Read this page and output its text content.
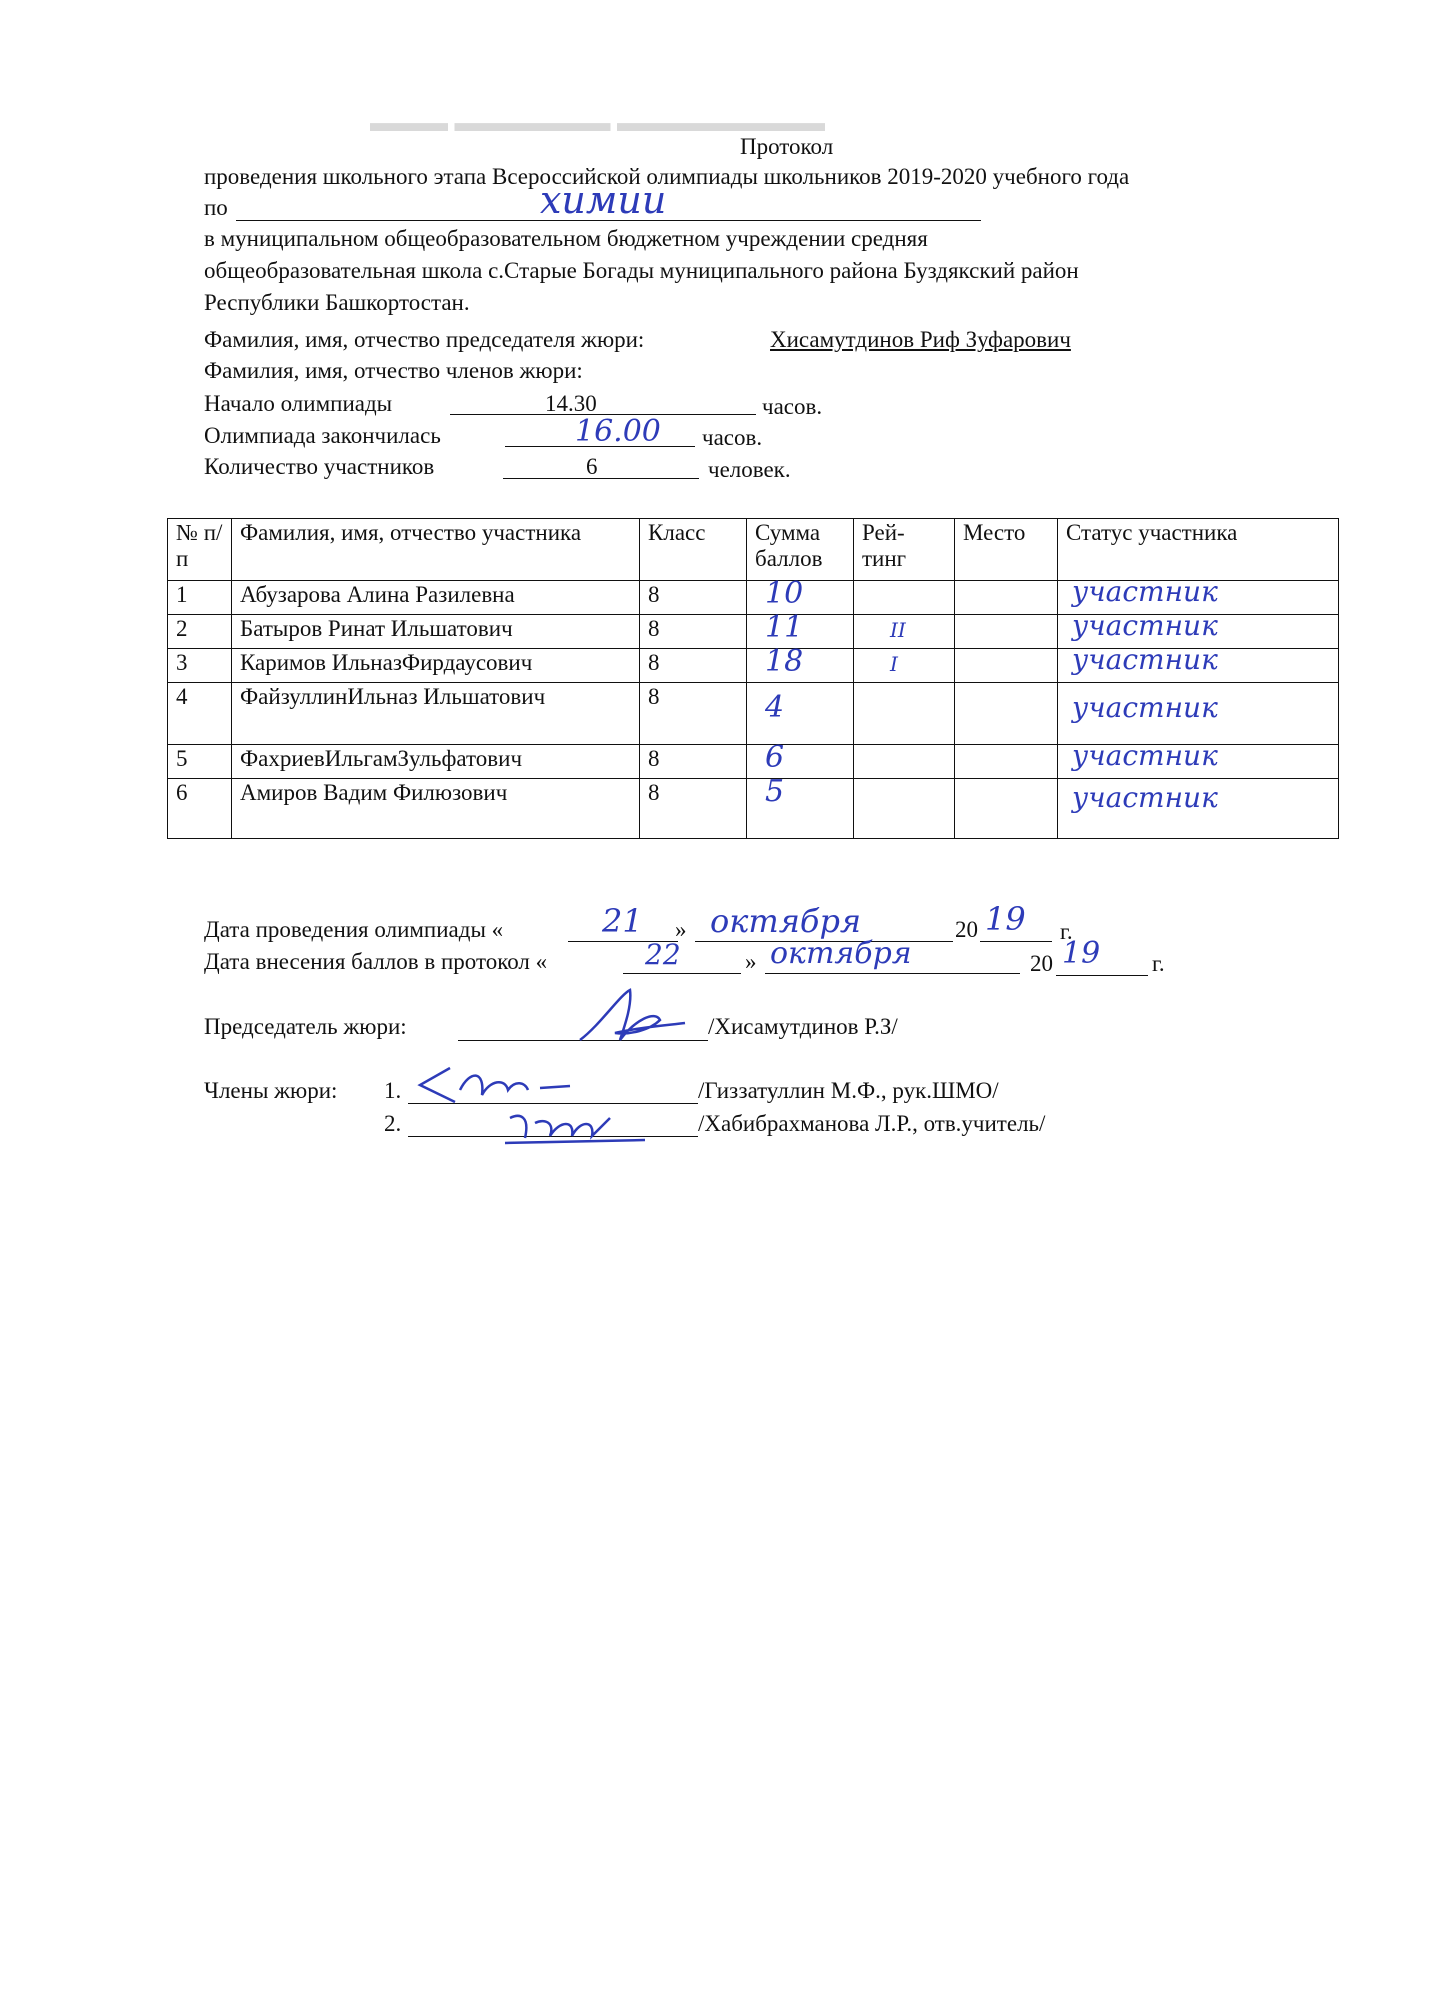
▬▬▬ ▬▬▬▬▬▬ ▬▬▬▬▬▬▬▬
Протокол
проведения школьного этапа Всероссийской олимпиады школьников 2019-2020 учебного года
по	химии
в муниципальном общеобразовательном бюджетном учреждении средняя
общеобразовательная школа с.Старые Богады муниципального района Буздякский район
Республики Башкортостан.
Фамилия, имя, отчество председателя жюри:	Хисамутдинов Риф Зуфарович
Фамилия, имя, отчество членов жюри:
Начало олимпиады	14.30	часов.
Олимпиада закончилась	16.00 часов.
Количество участников	6	человек.
№ п/п	Фамилия, имя, отчество участника	Класс	Сумма баллов	Рей-тинг	Место	Статус участника
1	Абузарова Алина Разилевна	8	10			участник

2	Батыров Ринат Ильшатович	8	11	II		участник

3	Каримов ИльназФирдаусович	8	18	I		участник

4	ФайзуллинИльназ Ильшатович	8	4			участник

5	ФахриевИльгамЗульфатович	8	6			участник

6	Амиров Вадим Филюзович	8	5			участник
Дата проведения олимпиады «	21 » октября	20 19 г.
Дата внесения баллов в протокол «	22	» октября	20 19 г.
Председатель жюри:	/Хисамутдинов Р.З/
Члены жюри: 1.	/Гиззатуллин М.Ф., рук.ШМО/
2.	/Хабибрахманова Л.Р., отв.учитель/
